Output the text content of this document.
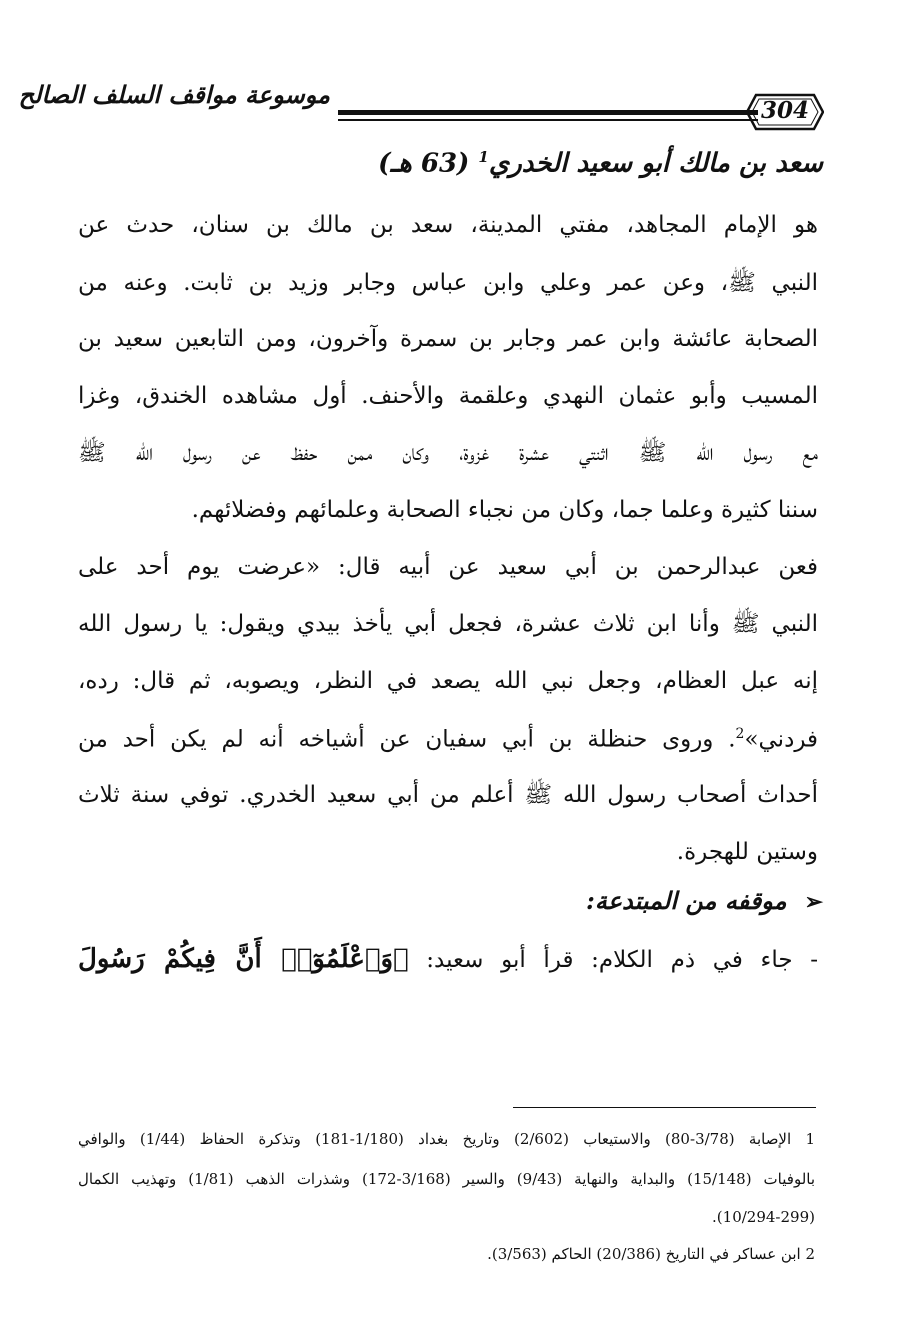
موسوعة مواقف السلف الصالح
304
سعد بن مالك أبو سعيد الخدري$^1$ (63 هـ)
هو الإمام المجاهد، مفتي المدينة، سعد بن مالك بن سنان، حدث عن
النبي ﷺ، وعن عمر وعلي وابن عباس وجابر وزيد بن ثابت. وعنه من
الصحابة عائشة وابن عمر وجابر بن سمرة وآخرون، ومن التابعين سعيد بن
المسيب وأبو عثمان النهدي وعلقمة والأحنف. أول مشاهده الخندق، وغزا
مع رسول الله ﷺ اثنتي عشرة غزوة، وكان ممن حفظ عن رسول الله ﷺ
سننا كثيرة وعلما جما، وكان من نجباء الصحابة وعلمائهم وفضلائهم.
فعن عبدالرحمن بن أبي سعيد عن أبيه قال: «عرضت يوم أحد على
النبي ﷺ وأنا ابن ثلاث عشرة، فجعل أبي يأخذ بيدي ويقول: يا رسول الله
إنه عبل العظام، وجعل نبي الله يصعد في النظر، ويصوبه، ثم قال: رده،
فردني»$^2$. وروى حنظلة بن أبي سفيان عن أشياخه أنه لم يكن أحد من
أحداث أصحاب رسول الله ﷺ أعلم من أبي سعيد الخدري. توفي سنة ثلاث
وستين للهجرة.
➢موقفه من المبتدعة:
- جاء في ذم الكلام: قرأ أبو سعيد: ﴿وَٱعْلَمُوٓا۟ أَنَّ فِيكُمْ رَسُولَ
1 الإصابة (3/78-80) والاستيعاب (2/602) وتاريخ بغداد (1/180-181) وتذكرة الحفاظ (1/44) والوافي
بالوفيات (15/148) والبداية والنهاية (9/43) والسير (3/168-172) وشذرات الذهب (1/81) وتهذيب الكمال
(10/294-299).
2 ابن عساكر في التاريخ (20/386) الحاكم (3/563).
